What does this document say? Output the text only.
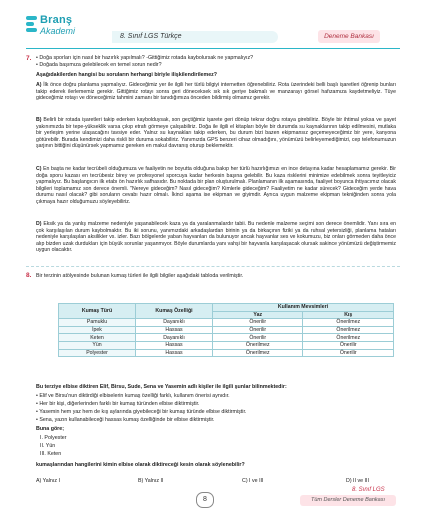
Branş
Akademi
8. Sınıf LGS Türkçe	Deneme Bankası
7. • Doğa sporları için nasıl bir hazırlık yapılmalı? -Gittiğimiz rotada kaybolursak ne yapmalıyız?
• Doğada başımıza gelebilecek en temel sorun nedir?
Aşağıdakilerden hangisi bu soruların herhangi biriyle ilişkilendirilemez?
A) İlk önce doğru planlama yapmalıyız. Gideceğimiz yer ile ilgili her türlü bilgiyi internetten öğrenebiliriz. Rota üzerindeki belli başlı işaretleri öğrenip bunları takip ederek ilerlememiz gerekir. Gittiğimiz rotayı sonra geri döneceksek sık sık geriye bakmalı ve manzarayı görsel hafızamıza kaydetmeliyiz. Tüye gideceğimiz rotayı ve döneceğimiz tahmini zamanı bir tanıdığımıza önceden bildirmiş olmamız gerekir.
B) Belirli bir rotada işaretleri takip ederken kaybolduysak, son geçtiğimiz işarete geri dönüp tekrar doğru rotaya girebiliriz. Böyle bir ihtimal yoksa ve şayet yakınımızda bir tepe-yükseklik varsa çıkıp etrafı görmeye çalışabiliriz. Doğa ile ilgili el kitapları böyle bir durumda su kaynaklarının takip edilmesini, mutlaka bir yerleşim yerine ulaşacağını tavsiye eder. Yalnız su kaynakları takip ederken, bu durum bizi bazen ekipmansız geçemeyeceğimiz bir yere, kanyona götürebilir. Burada kendimizi daha riskli bir duruma sokabiliriz. Yanımızda GPS benzeri cihaz olmadığını, yönümüzü belirleyemediğimizi, cep telefonumuzun şarjının bittiğini düşünürsek yapmamız gereken en makul davranış oturup beklemektir.
C) En başta ne kadar tecrübeli olduğumuza ve faaliyetin ne boyutta olduğuna bakıp her türlü hazırlığımızı en ince detayına kadar hesaplamamız gerekir. Bir doğa sporu kazası en tecrübesiz birey ve profesyonel sporcuya kadar herkesin başına gelebilir. Bu kaza risklerini minimize edebilmek sonra teyitleyiciz yapmalıyız. Bu başlangıcın ilk etabı ön hazırlık safhasıdır. Bu noktada bir plan oluşturulmalı. Planlamanın ilk aşamasında, faaliyet boyunca ihtiyacımız olacak bilgileri toplamamız son derece önemli. "Nereye gideceğim? Nasıl gideceğim? Kimlerle gideceğim? Faaliyetim ne kadar sürecek? Gideceğim yerde hava durumu nasıl olacak? gibi soruların cevabı hazır olmalı. İkinci aşama ise ekipman ve giyimdir. Ayrıca uygun malzeme ekipman tekniğinden sonra yola çıkmaya hazır olduğumuzu söyleyebiliriz.
D) Eksik ya da yanlış malzeme nedeniyle yaşanabilecek kaza ya da yaralanmalardır tabii. Bu nedenle malzeme seçimi son derece önemlidir. Yanı sıra en çok karşılaşılan durum kaybolmaktır. Bu iki sorunu, yanımızdaki arkadaşlardan birinin ya da birkaçının fiziki ya da ruhsal yetersizliği, planlama hataları nedeniyle karşılaşılan aksilikler vs. izler. Bazı bölgelerde yaban hayvanları da bulunuyor ancak hayvanlar ses ve kokumuzu, biz onları görmeden daha önce alıp bizden uzak durdukları için büyük sorunlar yaşanmıyor. Böyle durumlarda yanı vahşi bir hayvanla karşılaşacak olursak sakince yönümüzü değiştirmemiz uygun olacaktır.
8. Bir terzinin atölyesinde bulunan kumaş türleri ile ilgili bilgiler aşağıdaki tabloda verilmiştir.
Kumaş Türü	Kumaş Özelliği	Kullanım Mevsimleri	
		Yaz	Kış
Pamuklu	Dayanıklı	Önerilir	Önerilmez
İpek	Hassas	Önerilir	Önerilmez
Keten	Dayanıklı	Önerilir	Önerilmez
Yün	Hassas	Önerilmez	Önerilir
Polyester	Hassas	Önerilmez	Önerilir
Bu terziye elbise diktiren Elif, Birsu, Sude, Sena ve Yasemin adlı kişiler ile ilgili şunlar bilinmektedir:
• Elif ve Birsu'nun diktirdiği elbiselerin kumaş özelliği farklı, kullanım önerisi aynıdır.
• Her bir kişi, diğerlerinden farklı bir kumaş türünden elbise diktirmiştir.
• Yasemin hem yaz hem de kış aylarında giyebileceği bir kumaş türünde elbise diktirmiştir.
• Sena, yazın kullanabileceği hassas kumaş özelliğinde bir elbise diktirmiştir.
Buna göre;
I. Polyester
II. Yün
III. Keten
kumaşlarından hangilerini kimin elbise olarak diktireceği kesin olarak söylenebilir?
A) Yalnız I	B) Yalnız II	C) I ve III	D) II ve III
8
8. Sınıf LGS
Tüm Dersler Deneme Bankası
